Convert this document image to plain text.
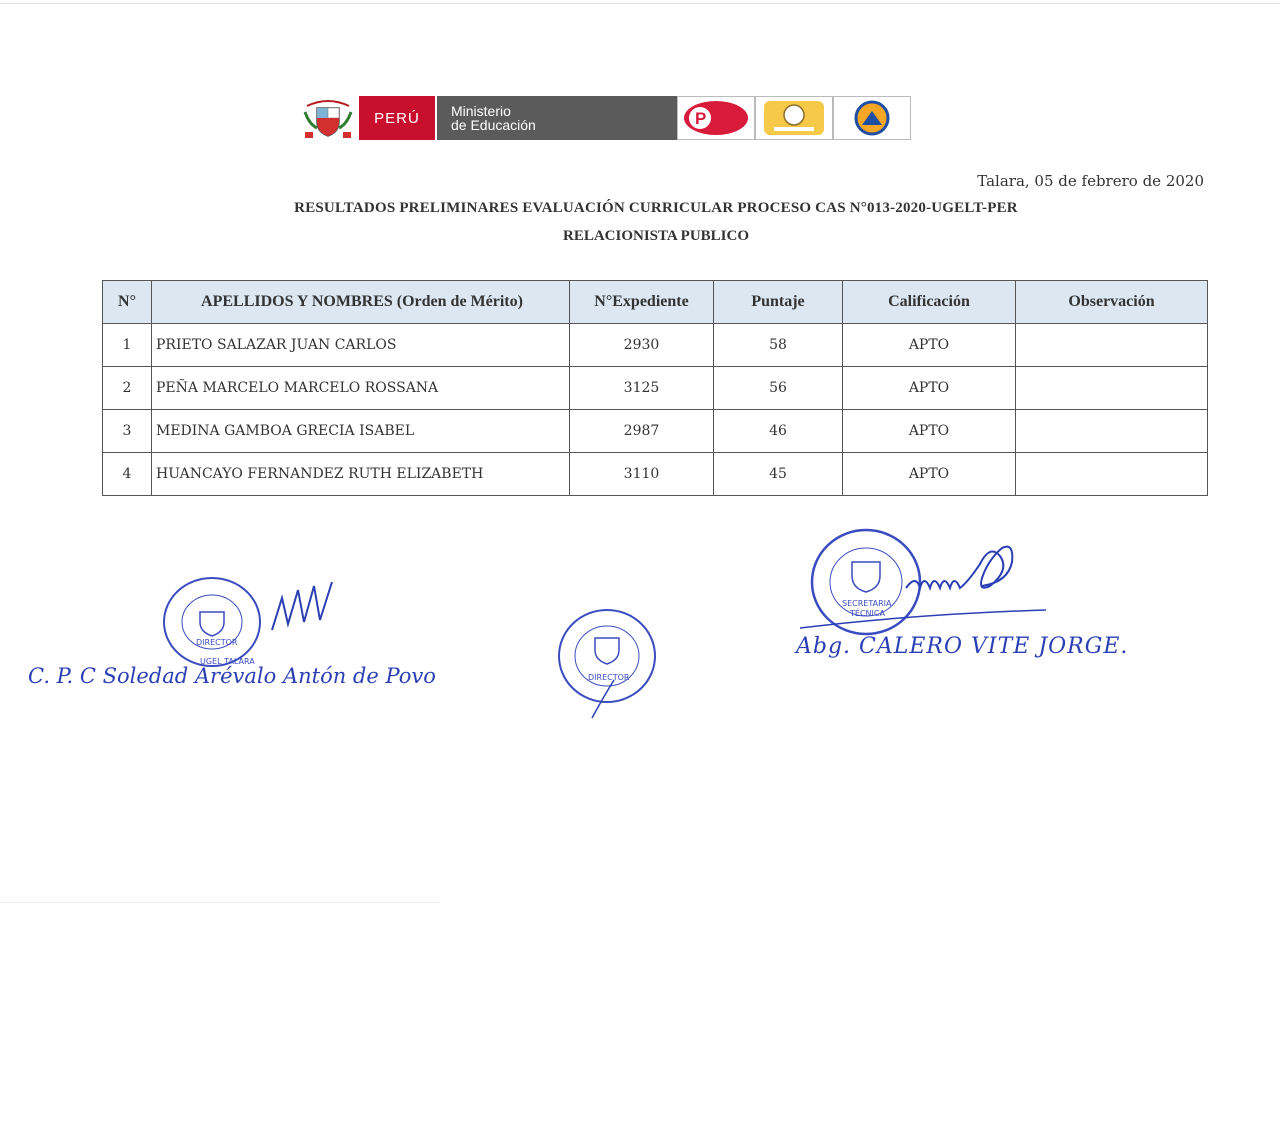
PERÚ Ministerio
de Educación	P
Talara, 05 de febrero de 2020
RESULTADOS PRELIMINARES EVALUACIÓN CURRICULAR PROCESO CAS N°013-2020-UGELT-PER
RELACIONISTA PUBLICO
N°	APELLIDOS Y NOMBRES (Orden de Mérito)	N°Expediente	Puntaje	Calificación	Observación
1	PRIETO SALAZAR JUAN CARLOS	2930	58	APTO	
2	PEÑA MARCELO MARCELO ROSSANA	3125	56	APTO	
3	MEDINA GAMBOA GRECIA ISABEL	2987	46	APTO	
4	HUANCAYO FERNANDEZ RUTH ELIZABETH	3110	45	APTO	
DIRECTOR
UGEL TALARA
C. P. C Soledad Arévalo Antón de Povo	DIRECTOR
SECRETARIA
TÉCNICA
Abg. CALERO VITE JORGE.
